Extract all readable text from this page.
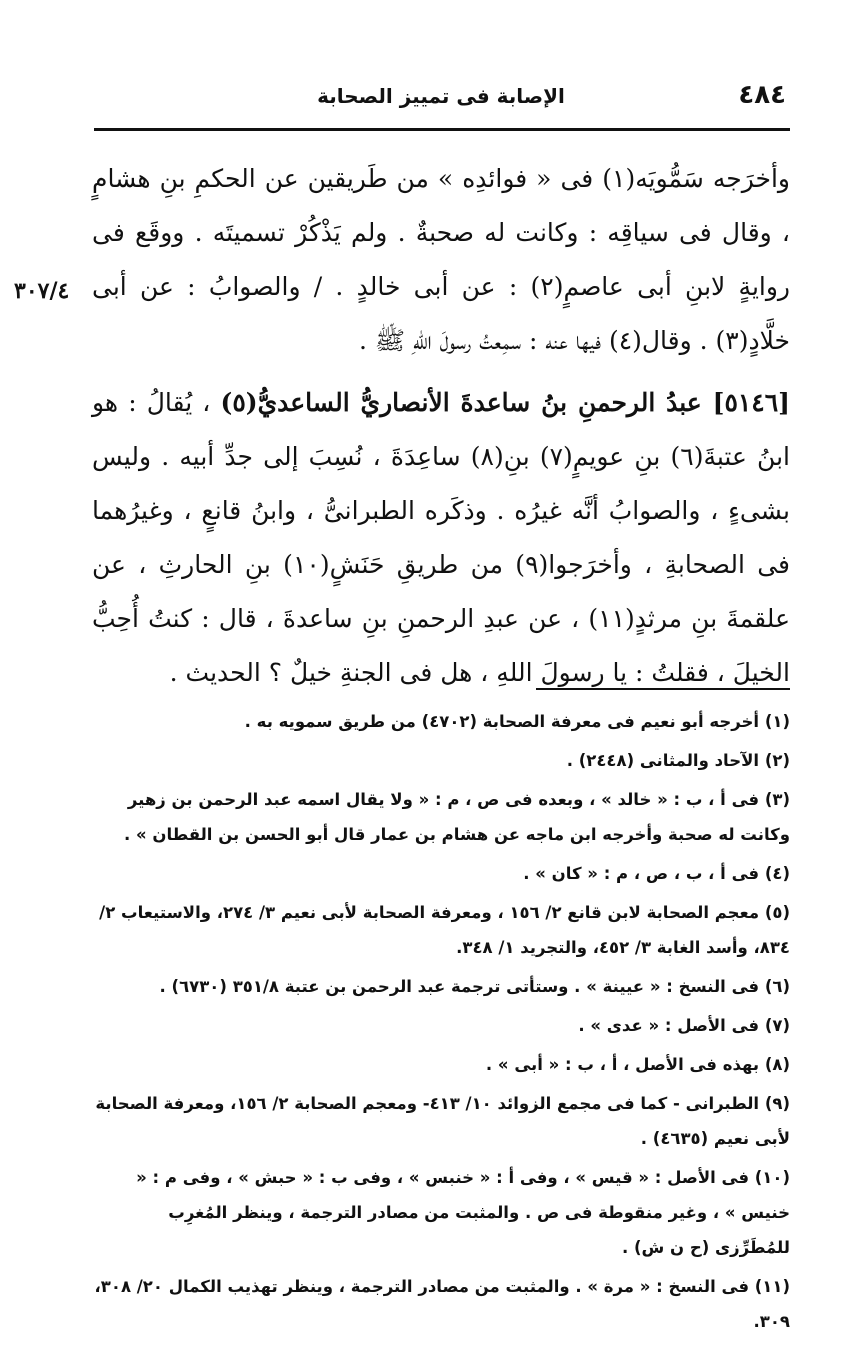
٤٨٤
الإصابة فى تمييز الصحابة
٣٠٧/٤

وأخرَجه سَمُّويَه(١) فى « فوائدِه » من طَريقين عن الحكمِ بنِ هشامٍ ، وقال فى سياقِه : وكانت له صحبةٌ . ولم يَذْكُرْ تسميتَه . ووقَع فى روايةٍ لابنِ أبى عاصمٍ(٢) : عن أبى خالدٍ . / والصوابُ : عن أبى خلَّادٍ(٣) . وقال(٤) فيها عنه : سمِعتُ رسولَ اللهِ ﷺ .

[٥١٤٦] عبدُ الرحمنِ بنُ ساعدةَ الأنصاريُّ الساعديُّ(٥) ، يُقالُ : هو ابنُ عتبةَ(٦) بنِ عويمٍ(٧) بنِ(٨) ساعِدَةَ ، نُسِبَ إلى جدِّ أبيه . وليس بشىءٍ ، والصوابُ أنَّه غيرُه . وذكَره الطبرانىُّ ، وابنُ قانعٍ ، وغيرُهما فى الصحابةِ ، وأخرَجوا(٩) من طريقِ حَنَشٍ(١٠) بنِ الحارثِ ، عن علقمةَ بنِ مرثدٍ(١١) ، عن عبدِ الرحمنِ بنِ ساعدةَ ، قال : كنتُ أُحِبُّ الخيلَ ، فقلتُ : يا رسولَ اللهِ ، هل فى الجنةِ خيلٌ ؟ الحديث .

(١) أخرجه أبو نعيم فى معرفة الصحابة (٤٧٠٢) من طريق سمويه به .

(٢) الآحاد والمثانى (٢٤٤٨) .

(٣) فى أ ، ب : « خالد » ، وبعده فى ص ، م : « ولا يقال اسمه عبد الرحمن بن زهير وكانت له صحبة وأخرجه ابن ماجه عن هشام بن عمار قال أبو الحسن بن القطان » .

(٤) فى أ ، ب ، ص ، م : « كان » .

(٥) معجم الصحابة لابن قانع ٢/ ١٥٦ ، ومعرفة الصحابة لأبى نعيم ٣/ ٢٧٤، والاستيعاب ٢/ ٨٣٤، وأسد الغابة ٣/ ٤٥٢، والتجريد ١/ ٣٤٨.

(٦) فى النسخ : « عيينة » . وستأتى ترجمة عبد الرحمن بن عتبة ٣٥١/٨ (٦٧٣٠) .

(٧) فى الأصل : « عدى » .

(٨) بهذه فى الأصل ، أ ، ب : « أبى » .

(٩) الطبرانى - كما فى مجمع الزوائد ١٠/ ٤١٣- ومعجم الصحابة ٢/ ١٥٦، ومعرفة الصحابة لأبى نعيم (٤٦٣٥) .

(١٠) فى الأصل : « قيس » ، وفى أ : « خنبس » ، وفى ب : « حبش » ، وفى م : « خنيس » ، وغير منقوطة فى ص . والمثبت من مصادر الترجمة ، وينظر المُغرِب للمُطَرِّزى (ح ن ش) .

(١١) فى النسخ : « مرة » . والمثبت من مصادر الترجمة ، وينظر تهذيب الكمال ٢٠/ ٣٠٨، ٣٠٩.
